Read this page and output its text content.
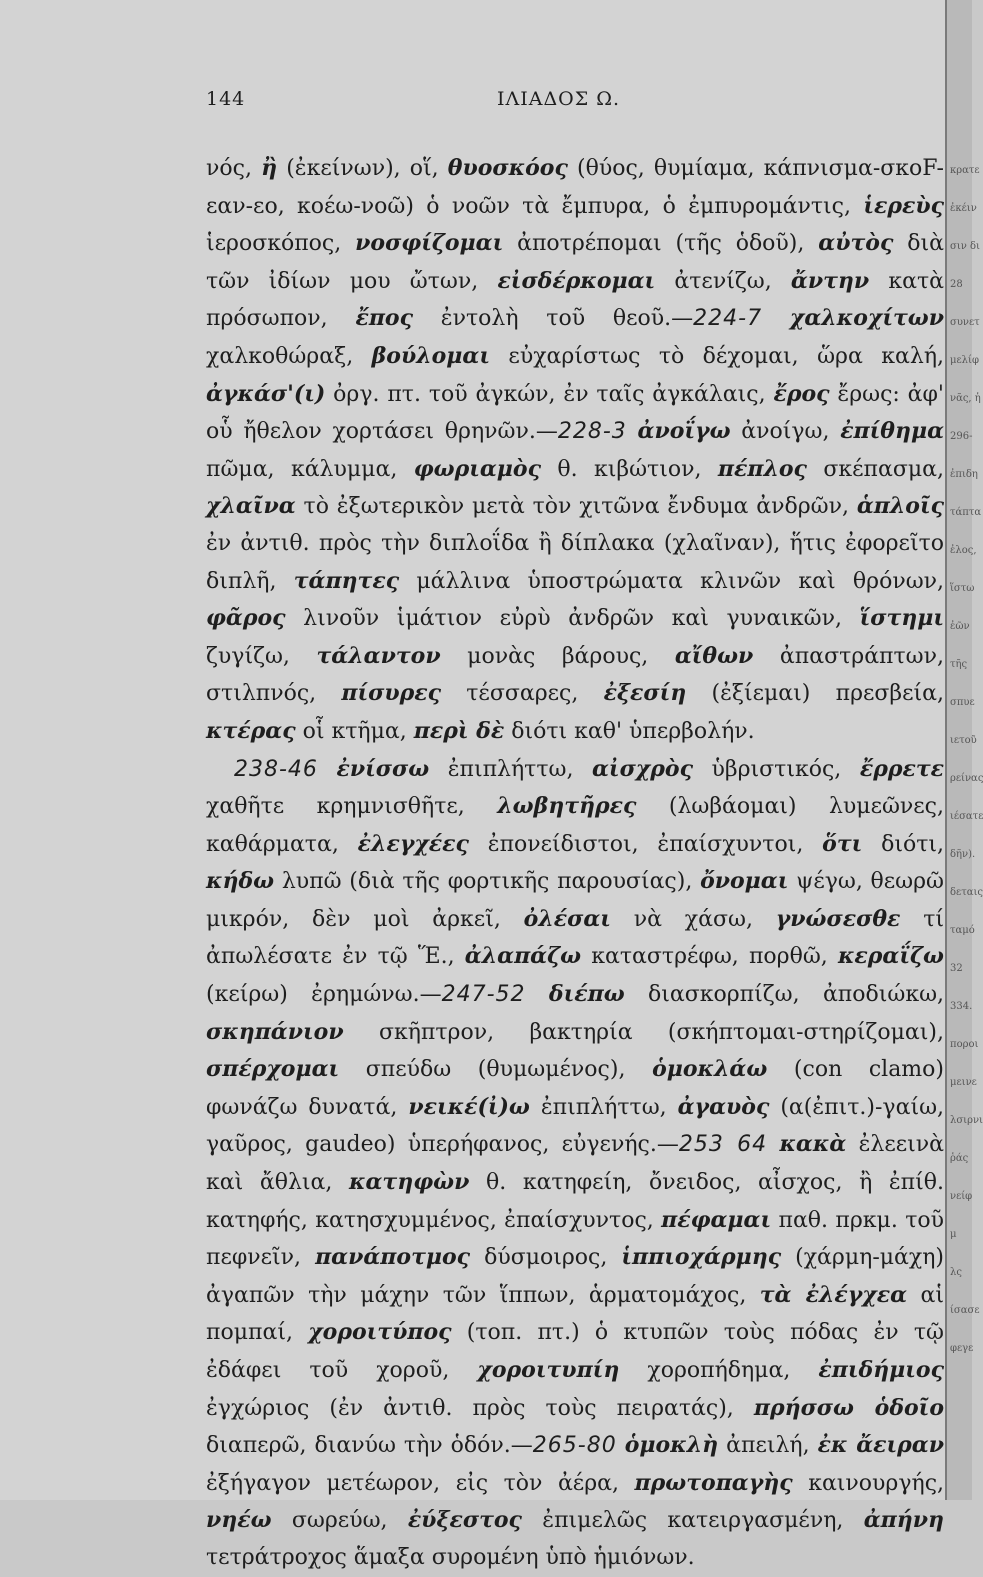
144	ΙΛΙΑΔΟΣ Ω.

νός, ἢ (ἐκείνων), οἵ, θυοσκόος (θύος, θυμίαμα, κάπνισμα-σκοF-εαν-εο, κοέω-νοῶ) ὁ νοῶν τὰ ἔμπυρα, ὁ ἐμπυρομάντις, ἱερεὺς ἱεροσκόπος, νοσφίζομαι ἀποτρέπομαι (τῆς ὁδοῦ), αὐτὸς διὰ τῶν ἰδίων μου ὤτων, εἰσδέρκομαι ἀτενίζω, ἄντην κατὰ πρόσωπον, ἔπος ἐντολὴ τοῦ θεοῦ.—224-7 χαλκοχίτων χαλκοθώραξ, βούλομαι εὐχαρίστως τὸ δέχομαι, ὥρα καλή, ἀγκάσ'(ι) ὀργ. πτ. τοῦ ἀγκών, ἐν ταῖς ἀγκάλαις, ἔρος ἔρως: ἀφ' οὗ ἤθελον χορτάσει θρηνῶν.—228-3 ἀνοΐγω ἀνοίγω, ἐπίθημα πῶμα, κάλυμμα, φωριαμὸς θ. κιβώτιον, πέπλος σκέπασμα, χλαῖνα τὸ ἐξωτερικὸν μετὰ τὸν χιτῶνα ἔνδυμα ἀνδρῶν, ἁπλοῖς ἐν ἀντιθ. πρὸς τὴν διπλοΐδα ἢ δίπλακα (χλαῖναν), ἥτις ἐφορεῖτο διπλῆ, τάπητες μάλλινα ὑποστρώματα κλινῶν καὶ θρόνων, φᾶρος λινοῦν ἱμάτιον εὐρὺ ἀνδρῶν καὶ γυναικῶν, ἵστημι ζυγίζω, τάλαντον μονὰς βάρους, αἴθων ἀπαστράπτων, στιλπνός, πίσυρες τέσσαρες, ἐξεσίη (ἐξίεμαι) πρεσβεία, κτέρας οἷ κτῆμα, περὶ δὲ διότι καθ' ὑπερβολήν.

238-46 ἐνίσσω ἐπιπλήττω, αἰσχρὸς ὑβριστικός, ἔρρετε χαθῆτε κρημνισθῆτε, λωβητῆρες (λωβάομαι) λυμεῶνες, καθάρματα, ἐλεγχέες ἐπονείδιστοι, ἐπαίσχυντοι, ὅτι διότι, κήδω λυπῶ (διὰ τῆς φορτικῆς παρουσίας), ὄνομαι ψέγω, θεωρῶ μικρόν, δὲν μοὶ ἀρκεῖ, ὀλέσαι νὰ χάσω, γνώσεσθε τί ἀπωλέσατε ἐν τῷ Ἕ., ἀλαπάζω καταστρέφω, πορθῶ, κεραΐζω (κείρω) ἐρημώνω.—247-52 διέπω διασκορπίζω, ἀποδιώκω, σκηπάνιον σκῆπτρον, βακτηρία (σκήπτομαι-στηρίζομαι), σπέρχομαι σπεύδω (θυμωμένος), ὁμοκλάω (con clamo) φωνάζω δυνατά, νεικέ(ἰ)ω ἐπιπλήττω, ἀγαυὸς (α(ἐπιτ.)-γαίω, γαῦρος, gaudeo) ὑπερήφανος, εὐγενής.—253 64 κακὰ ἐλεεινὰ καὶ ἄθλια, κατηφὼν θ. κατηφείη, ὄνειδος, αἶσχος, ἢ ἐπίθ. κατηφής, κατησχυμμένος, ἐπαίσχυντος, πέφαμαι παθ. πρκμ. τοῦ πεφνεῖν, πανάποτμος δύσμοιρος, ἱππιοχάρμης (χάρμη-μάχη) ἀγαπῶν τὴν μάχην τῶν ἵππων, ἁρματομάχος, τὰ ἐλέγχεα αἱ πομπαί, χοροιτύπος (τοπ. πτ.) ὁ κτυπῶν τοὺς πόδας ἐν τῷ ἐδάφει τοῦ χοροῦ, χοροιτυπίη χοροπήδημα, ἐπιδήμιος ἐγχώριος (ἐν ἀντιθ. πρὸς τοὺς πειρατάς), πρήσσω ὁδοῖο διαπερῶ, διανύω τὴν ὁδόν.—265-80 ὁμοκλὴ ἀπειλή, ἐκ ἄειραν ἐξήγαγον μετέωρον, εἰς τὸν ἀέρα, πρωτοπαγὴς καινουργής, νηέω σωρεύω, ἐύξεστος ἐπιμελῶς κατειργασμένη, ἀπήνη τετράτροχος ἅμαξα συρομένη ὑπὸ ἡμιόνων.

κρατε
ἐκέιν
σιν δι
28
συνετ
μελίφ
νᾶς, ἡ
296-
ἐπιδη
τάπτα
ἐλος,
ἵστω
ἐῶν
τῆς
σπυε
ιετοῦ
ρείνας
ιέσατε
δῆν).
δεταις
ταμό
32
334.
ποροι
μεινε
λσιρνι
ῥάς
νείφ
μ
λς
ίσασε
φεγε
